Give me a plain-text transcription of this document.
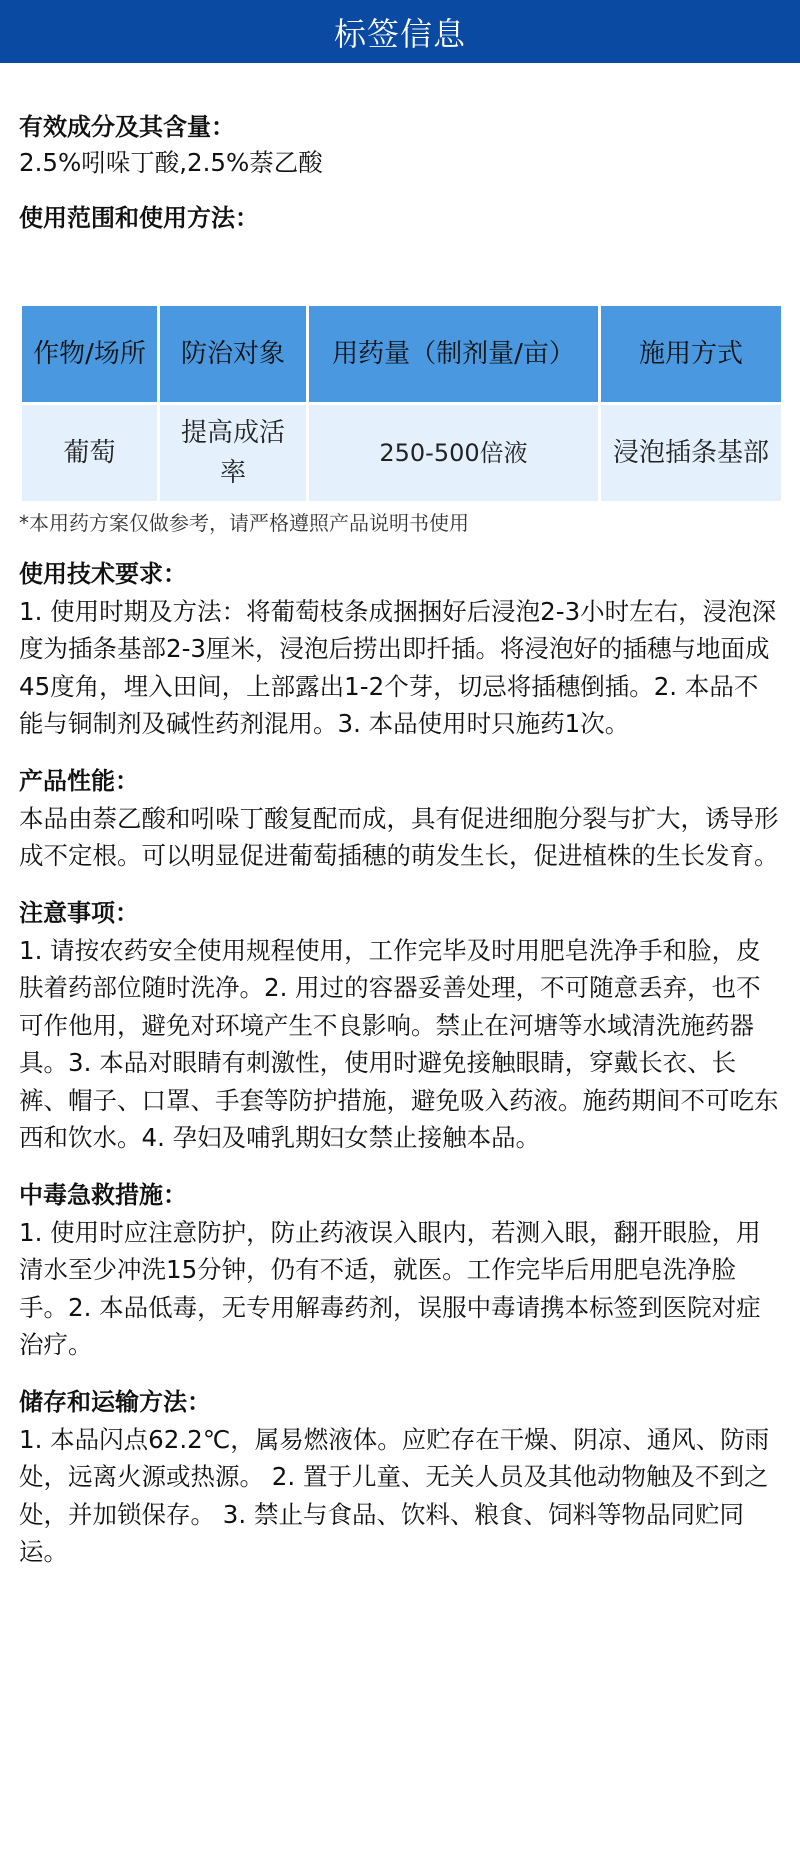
标签信息
有效成分及其含量：
2.5%吲哚丁酸,2.5%萘乙酸
使用范围和使用方法：
作物/场所	防治对象	用药量（制剂量/亩）	施用方式
葡萄	提高成活率	250-500倍液	浸泡插条基部
*本用药方案仅做参考，请严格遵照产品说明书使用
使用技术要求：
1. 使用时期及方法：将葡萄枝条成捆捆好后浸泡2-3小时左右，浸泡深度为插条基部2-3厘米，浸泡后捞出即扦插。将浸泡好的插穗与地面成45度角，埋入田间，上部露出1-2个芽，切忌将插穗倒插。2. 本品不能与铜制剂及碱性药剂混用。3. 本品使用时只施药1次。
产品性能：
本品由萘乙酸和吲哚丁酸复配而成，具有促进细胞分裂与扩大，诱导形成不定根。可以明显促进葡萄插穗的萌发生长，促进植株的生长发育。
注意事项：
1. 请按农药安全使用规程使用，工作完毕及时用肥皂洗净手和脸，皮肤着药部位随时洗净。2. 用过的容器妥善处理，不可随意丢弃，也不可作他用，避免对环境产生不良影响。禁止在河塘等水域清洗施药器具。3. 本品对眼睛有刺激性，使用时避免接触眼睛，穿戴长衣、长裤、帽子、口罩、手套等防护措施，避免吸入药液。施药期间不可吃东西和饮水。4. 孕妇及哺乳期妇女禁止接触本品。
中毒急救措施：
1. 使用时应注意防护，防止药液误入眼内，若测入眼，翻开眼脸，用清水至少冲洗15分钟，仍有不适，就医。工作完毕后用肥皂洗净脸手。2. 本品低毒，无专用解毒药剂，误服中毒请携本标签到医院对症治疗。
储存和运输方法：
1. 本品闪点62.2℃，属易燃液体。应贮存在干燥、阴凉、通风、防雨处，远离火源或热源。 2. 置于儿童、无关人员及其他动物触及不到之处，并加锁保存。 3. 禁止与食品、饮料、粮食、饲料等物品同贮同运。
